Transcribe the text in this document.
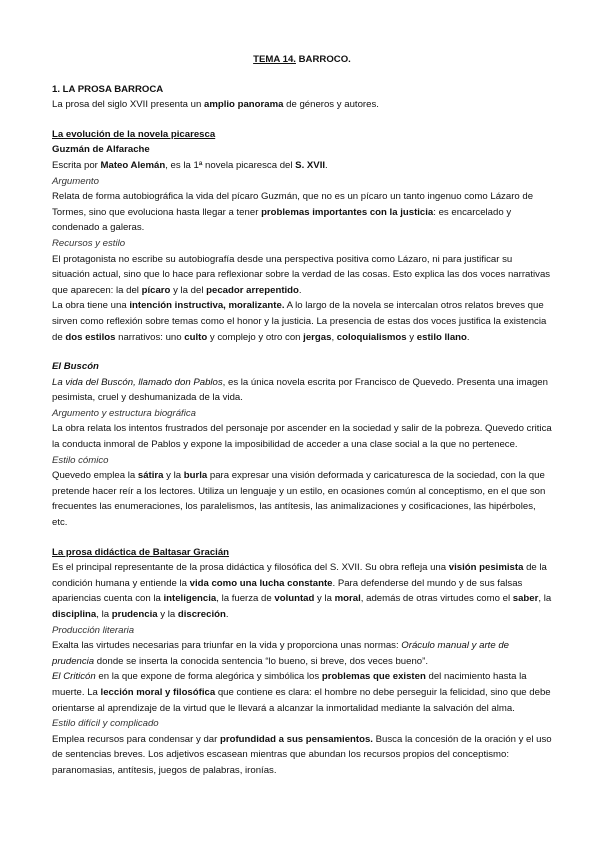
TEMA 14. BARROCO.

1. LA PROSA BARROCA

La prosa del siglo XVII presenta un amplio panorama de géneros y autores.

La evolución de la novela picaresca

Guzmán de Alfarache

Escrita por Mateo Alemán, es la 1ª novela picaresca del S. XVII.

Argumento

Relata de forma autobiográfica la vida del pícaro Guzmán, que no es un pícaro un tanto ingenuo como Lázaro de Tormes, sino que evoluciona hasta llegar a tener problemas importantes con la justicia: es encarcelado y condenado a galeras.

Recursos y estilo

El protagonista no escribe su autobiografía desde una perspectiva positiva como Lázaro, ni para justificar su situación actual, sino que lo hace para reflexionar sobre la verdad de las cosas. Esto explica las dos voces narrativas que aparecen: la del pícaro y la del pecador arrepentido.

La obra tiene una intención instructiva, moralizante. A lo largo de la novela se intercalan otros relatos breves que sirven como reflexión sobre temas como el honor y la justicia. La presencia de estas dos voces justifica la existencia de dos estilos narrativos: uno culto y complejo y otro con jergas, coloquialismos y estilo llano.

El Buscón

La vida del Buscón, llamado don Pablos, es la única novela escrita por Francisco de Quevedo. Presenta una imagen pesimista, cruel y deshumanizada de la vida.

Argumento y estructura biográfica

La obra relata los intentos frustrados del personaje por ascender en la sociedad y salir de la pobreza. Quevedo critica la conducta inmoral de Pablos y expone la imposibilidad de acceder a una clase social a la que no pertenece.

Estilo cómico

Quevedo emplea la sátira y la burla para expresar una visión deformada y caricaturesca de la sociedad, con la que pretende hacer reír a los lectores. Utiliza un lenguaje y un estilo, en ocasiones común al conceptismo, en el que son frecuentes las enumeraciones, los paralelismos, las antítesis, las animalizaciones y cosificaciones, las hipérboles, etc.

La prosa didáctica de Baltasar Gracián

Es el principal representante de la prosa didáctica y filosófica del S. XVII. Su obra refleja una visión pesimista de la condición humana y entiende la vida como una lucha constante. Para defenderse del mundo y de sus falsas apariencias cuenta con la inteligencia, la fuerza de voluntad y la moral, además de otras virtudes como el saber, la disciplina, la prudencia y la discreción.

Producción literaria

Exalta las virtudes necesarias para triunfar en la vida y proporciona unas normas: Oráculo manual y arte de prudencia donde se inserta la conocida sentencia “lo bueno, si breve, dos veces bueno”.

El Criticón en la que expone de forma alegórica y simbólica los problemas que existen del nacimiento hasta la muerte. La lección moral y filosófica que contiene es clara: el hombre no debe perseguir la felicidad, sino que debe orientarse al aprendizaje de la virtud que le llevará a alcanzar la inmortalidad mediante la salvación del alma.

Estilo difícil y complicado

Emplea recursos para condensar y dar profundidad a sus pensamientos. Busca la concesión de la oración y el uso de sentencias breves. Los adjetivos escasean mientras que abundan los recursos propios del conceptismo: paranomasias, antítesis, juegos de palabras, ironías.
